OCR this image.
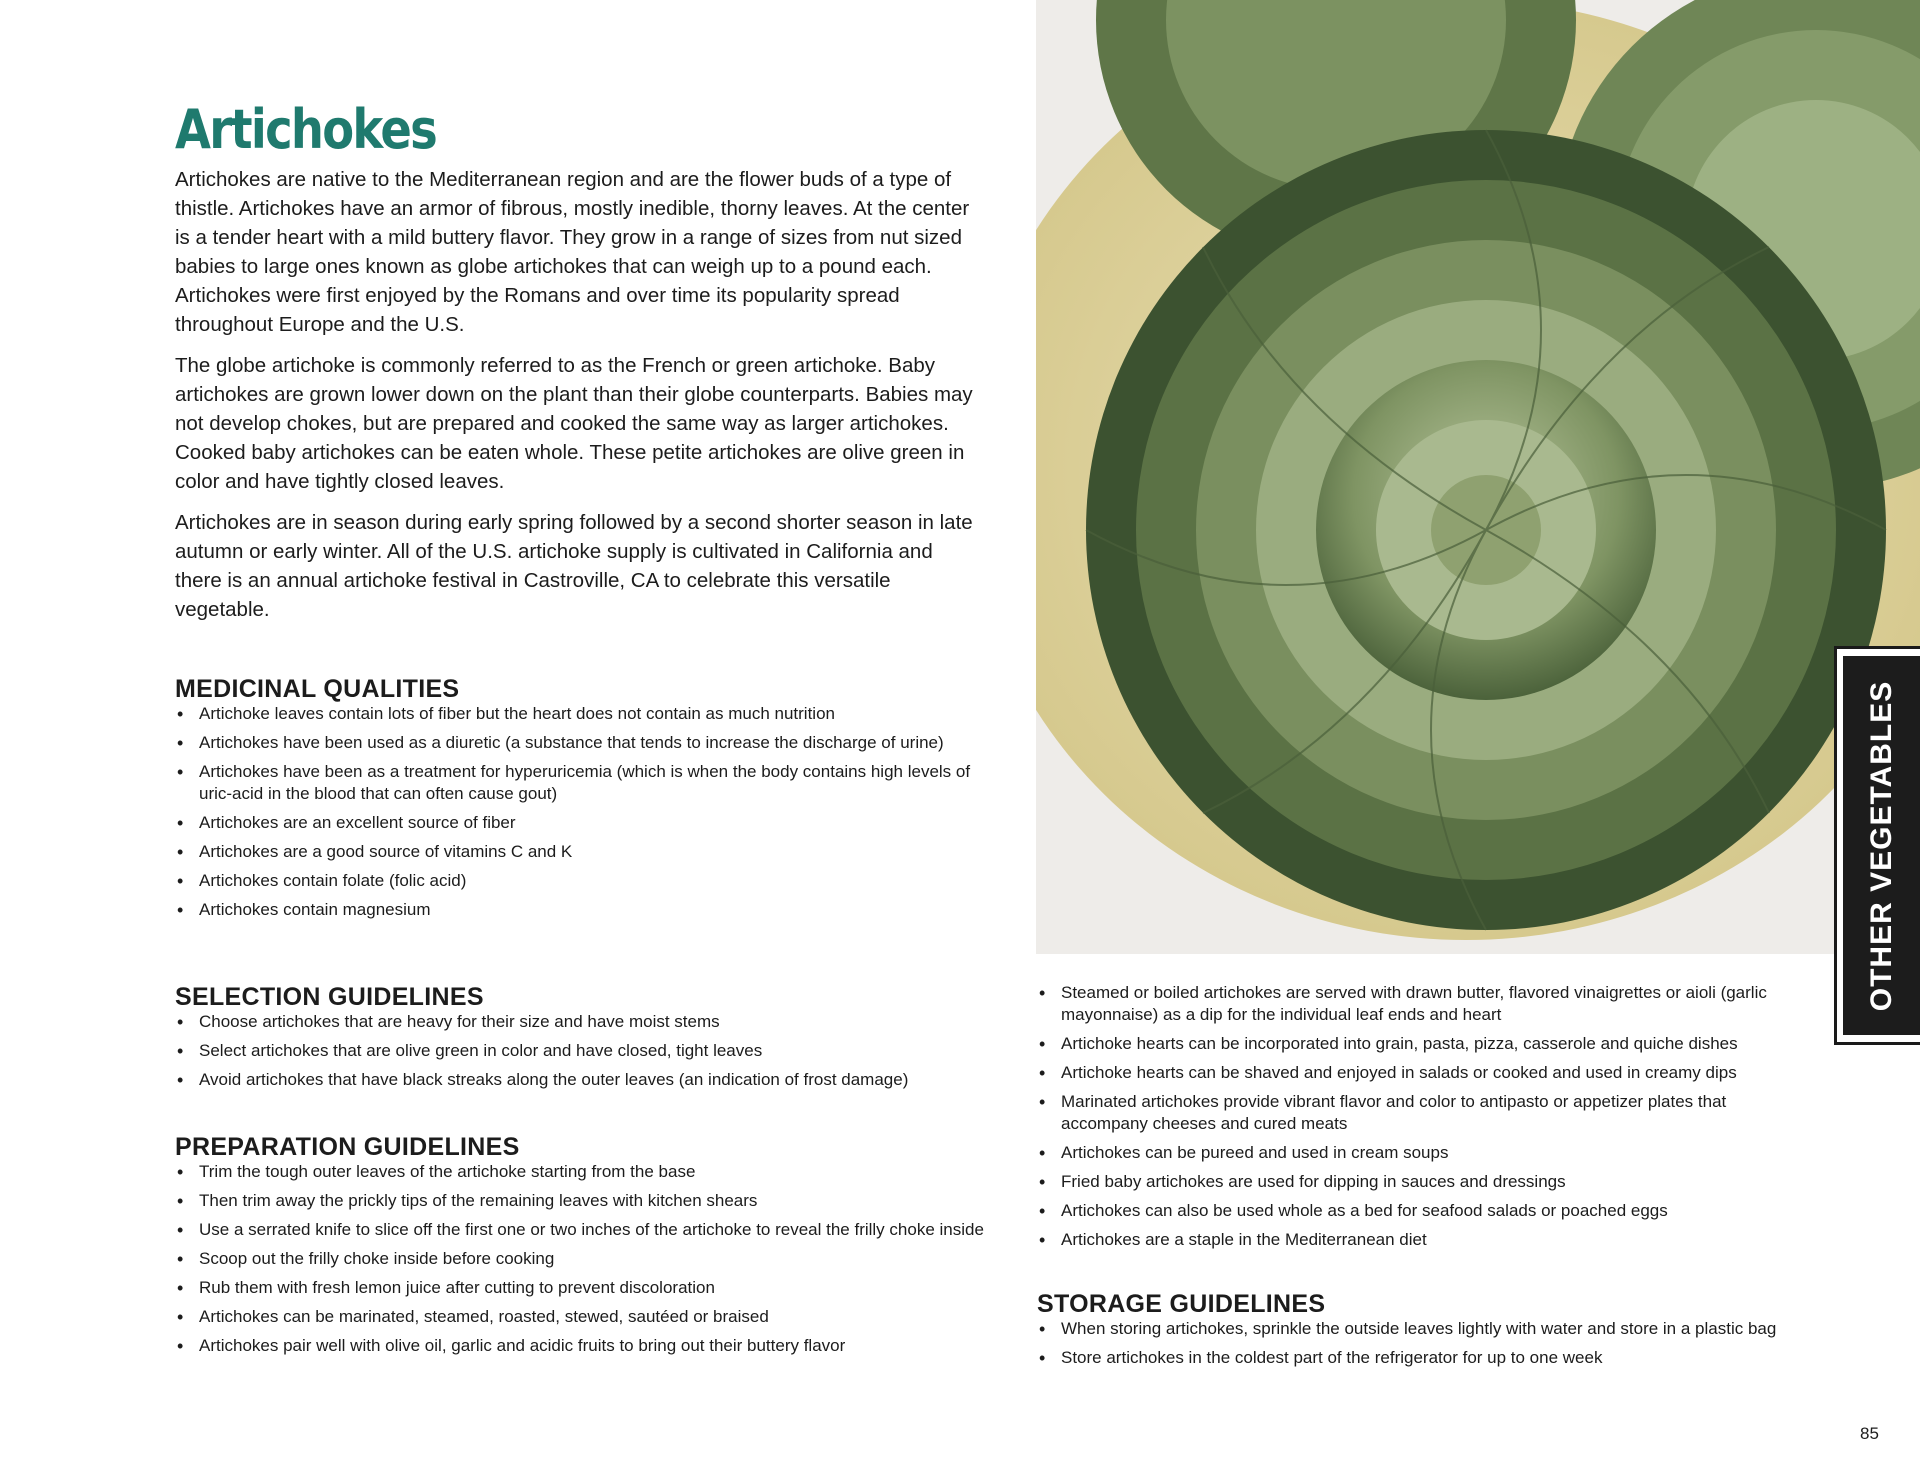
Artichokes

Artichokes are native to the Mediterranean region and are the flower buds of a type of thistle. Artichokes have an armor of fibrous, mostly inedible, thorny leaves. At the center is a tender heart with a mild buttery flavor. They grow in a range of sizes from nut sized babies to large ones known as globe artichokes that can weigh up to a pound each. Artichokes were first enjoyed by the Romans and over time its popularity spread throughout Europe and the U.S.

The globe artichoke is commonly referred to as the French or green artichoke. Baby artichokes are grown lower down on the plant than their globe counterparts. Babies may not develop chokes, but are prepared and cooked the same way as larger artichokes. Cooked baby artichokes can be eaten whole. These petite artichokes are olive green in color and have tightly closed leaves.

Artichokes are in season during early spring followed by a second shorter season in late autumn or early winter. All of the U.S. artichoke supply is cultivated in California and there is an annual artichoke festival in Castroville, CA to celebrate this versatile vegetable.

MEDICINAL QUALITIES
• Artichoke leaves contain lots of fiber but the heart does not contain as much nutrition
• Artichokes have been used as a diuretic (a substance that tends to increase the discharge of urine)
• Artichokes have been as a treatment for hyperuricemia (which is when the body contains high levels of uric-acid in the blood that can often cause gout)
• Artichokes are an excellent source of fiber
• Artichokes are a good source of vitamins C and K
• Artichokes contain folate (folic acid)
• Artichokes contain magnesium
SELECTION GUIDELINES
• Choose artichokes that are heavy for their size and have moist stems
• Select artichokes that are olive green in color and have closed, tight leaves
• Avoid artichokes that have black streaks along the outer leaves (an indication of frost damage)
PREPARATION GUIDELINES
• Trim the tough outer leaves of the artichoke starting from the base
• Then trim away the prickly tips of the remaining leaves with kitchen shears
• Use a serrated knife to slice off the first one or two inches of the artichoke to reveal the frilly choke inside
• Scoop out the frilly choke inside before cooking
• Rub them with fresh lemon juice after cutting to prevent discoloration
• Artichokes can be marinated, steamed, roasted, stewed, sautéed or braised
• Artichokes pair well with olive oil, garlic and acidic fruits to bring out their buttery flavor
• Steamed or boiled artichokes are served with drawn butter, flavored vinaigrettes or aioli (garlic mayonnaise) as a dip for the individual leaf ends and heart
• Artichoke hearts can be incorporated into grain, pasta, pizza, casserole and quiche dishes
• Artichoke hearts can be shaved and enjoyed in salads or cooked and used in creamy dips
• Marinated artichokes provide vibrant flavor and color to antipasto or appetizer plates that accompany cheeses and cured meats
• Artichokes can be pureed and used in cream soups
• Fried baby artichokes are used for dipping in sauces and dressings
• Artichokes can also be used whole as a bed for seafood salads or poached eggs
• Artichokes are a staple in the Mediterranean diet
STORAGE GUIDELINES
• When storing artichokes, sprinkle the outside leaves lightly with water and store in a plastic bag
• Store artichokes in the coldest part of the refrigerator for up to one week
OTHER VEGETABLES
85
